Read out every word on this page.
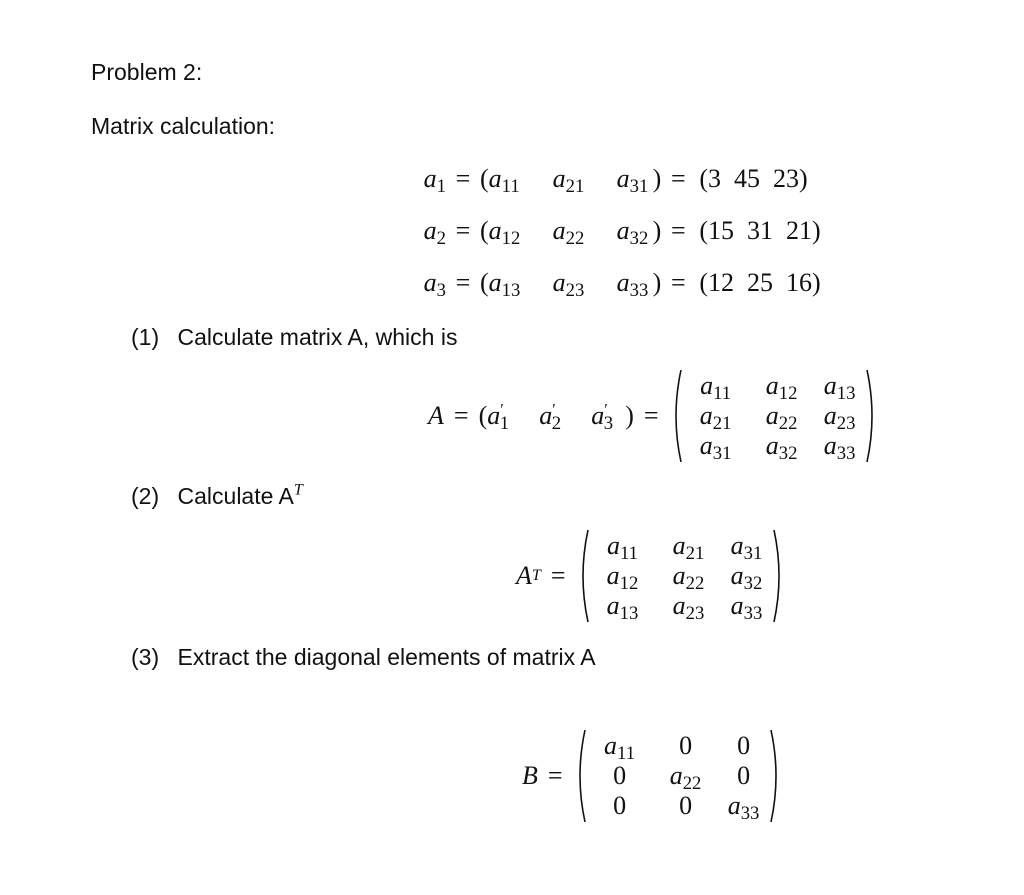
Problem 2:
Matrix calculation:
$a_1$ = ( $a_{11}$	$a_{21}$	$a_{31}$ ) = (3  45  23)
$a_2$ = ( $a_{12}$	$a_{22}$	$a_{32}$ ) = (15  31  21)
$a_3$ = ( $a_{13}$	$a_{23}$	$a_{33}$ ) = (12  25  16)
(1) Calculate matrix A, which is
A = ( $a'_1$	$a'_2$	$a'_3$ ) =
$a_{11}$	$a_{12}$	$a_{13}$
$a_{21}$	$a_{22}$	$a_{23}$
$a_{31}$	$a_{32}$	$a_{33}$
(2) Calculate $A^T$
A T =
$a_{11}$	$a_{21}$	$a_{31}$
$a_{12}$	$a_{22}$	$a_{32}$
$a_{13}$	$a_{23}$	$a_{33}$
(3) Extract the diagonal elements of matrix A
B =
$a_{11}$	0	0
0	$a_{22}$	0
0	0	$a_{33}$
